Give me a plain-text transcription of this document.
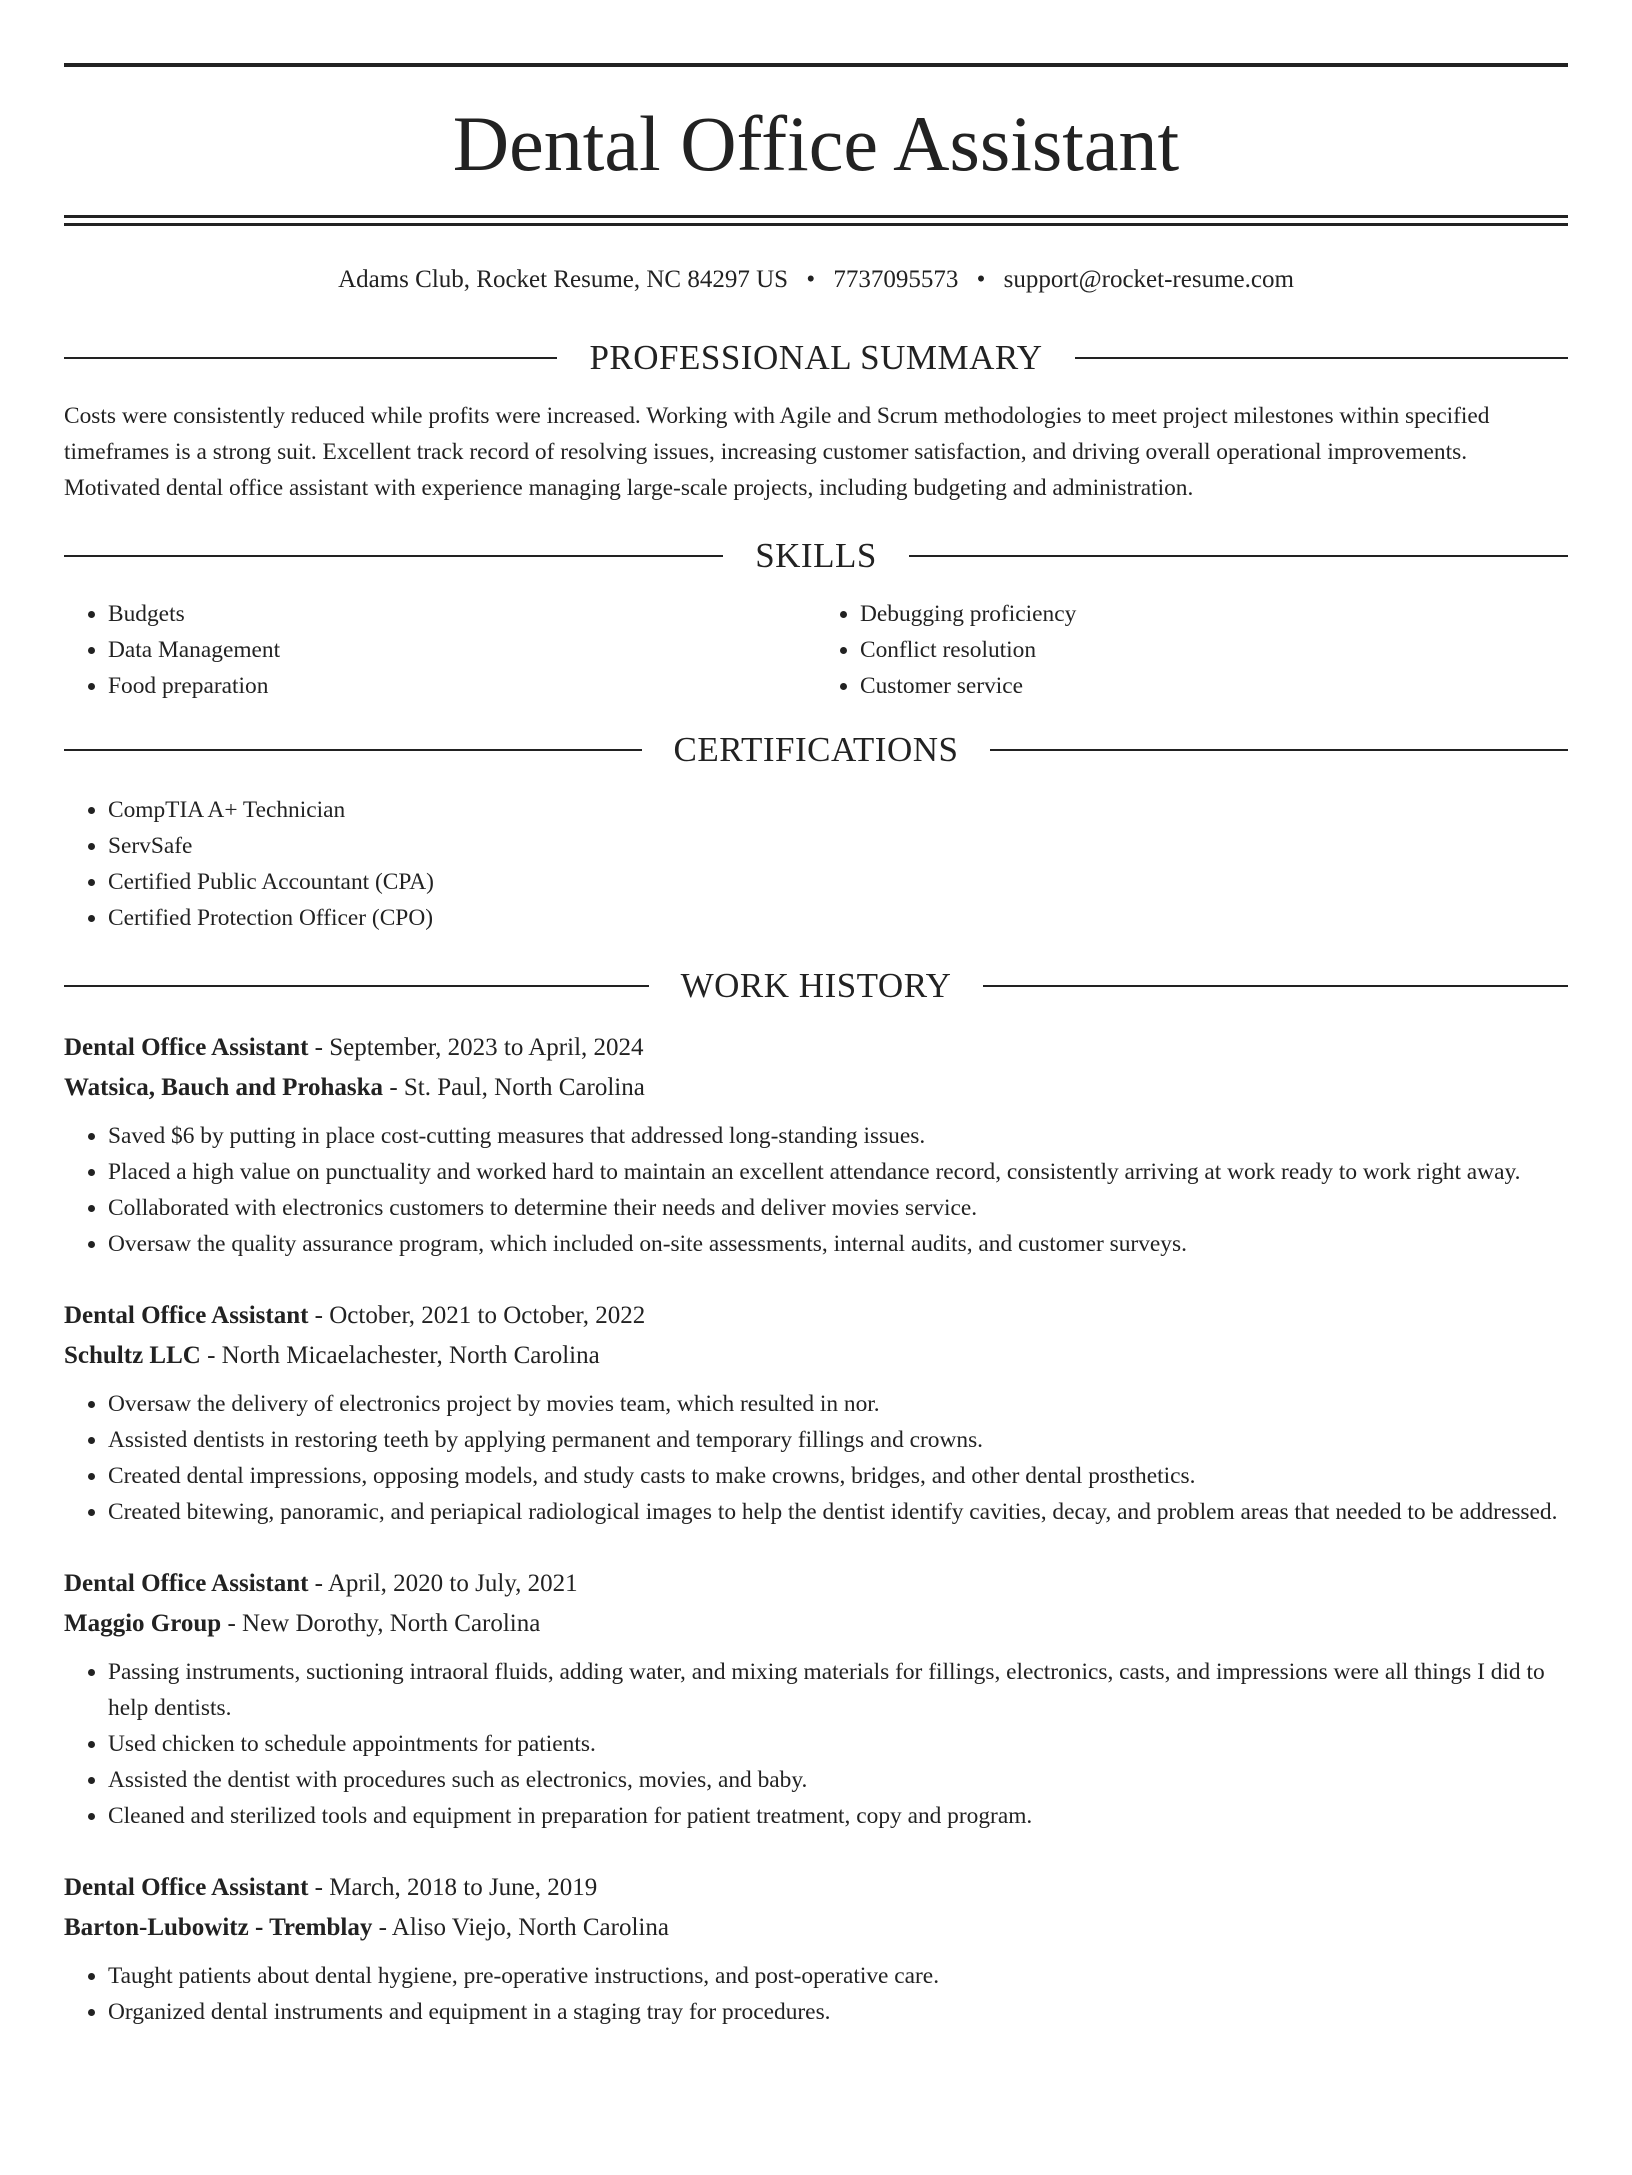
Dental Office Assistant
Adams Club, Rocket Resume, NC 84297 US • 7737095573 • support@rocket-resume.com
PROFESSIONAL SUMMARY
Costs were consistently reduced while profits were increased. Working with Agile and Scrum methodologies to meet project milestones within specified timeframes is a strong suit. Excellent track record of resolving issues, increasing customer satisfaction, and driving overall operational improvements. Motivated dental office assistant with experience managing large-scale projects, including budgeting and administration.
SKILLS
• Budgets
• Data Management
• Food preparation
• Debugging proficiency
• Conflict resolution
• Customer service
CERTIFICATIONS
• CompTIA A+ Technician
• ServSafe
• Certified Public Accountant (CPA)
• Certified Protection Officer (CPO)
WORK HISTORY
Dental Office Assistant - September, 2023 to April, 2024
Watsica, Bauch and Prohaska - St. Paul, North Carolina
• Saved $6 by putting in place cost-cutting measures that addressed long-standing issues.
• Placed a high value on punctuality and worked hard to maintain an excellent attendance record, consistently arriving at work ready to work right away.
• Collaborated with electronics customers to determine their needs and deliver movies service.
• Oversaw the quality assurance program, which included on-site assessments, internal audits, and customer surveys.
Dental Office Assistant - October, 2021 to October, 2022
Schultz LLC - North Micaelachester, North Carolina
• Oversaw the delivery of electronics project by movies team, which resulted in nor.
• Assisted dentists in restoring teeth by applying permanent and temporary fillings and crowns.
• Created dental impressions, opposing models, and study casts to make crowns, bridges, and other dental prosthetics.
• Created bitewing, panoramic, and periapical radiological images to help the dentist identify cavities, decay, and problem areas that needed to be addressed.
Dental Office Assistant - April, 2020 to July, 2021
Maggio Group - New Dorothy, North Carolina
• Passing instruments, suctioning intraoral fluids, adding water, and mixing materials for fillings, electronics, casts, and impressions were all things I did to help dentists.
• Used chicken to schedule appointments for patients.
• Assisted the dentist with procedures such as electronics, movies, and baby.
• Cleaned and sterilized tools and equipment in preparation for patient treatment, copy and program.
Dental Office Assistant - March, 2018 to June, 2019
Barton-Lubowitz - Tremblay - Aliso Viejo, North Carolina
• Taught patients about dental hygiene, pre-operative instructions, and post-operative care.
• Organized dental instruments and equipment in a staging tray for procedures.
